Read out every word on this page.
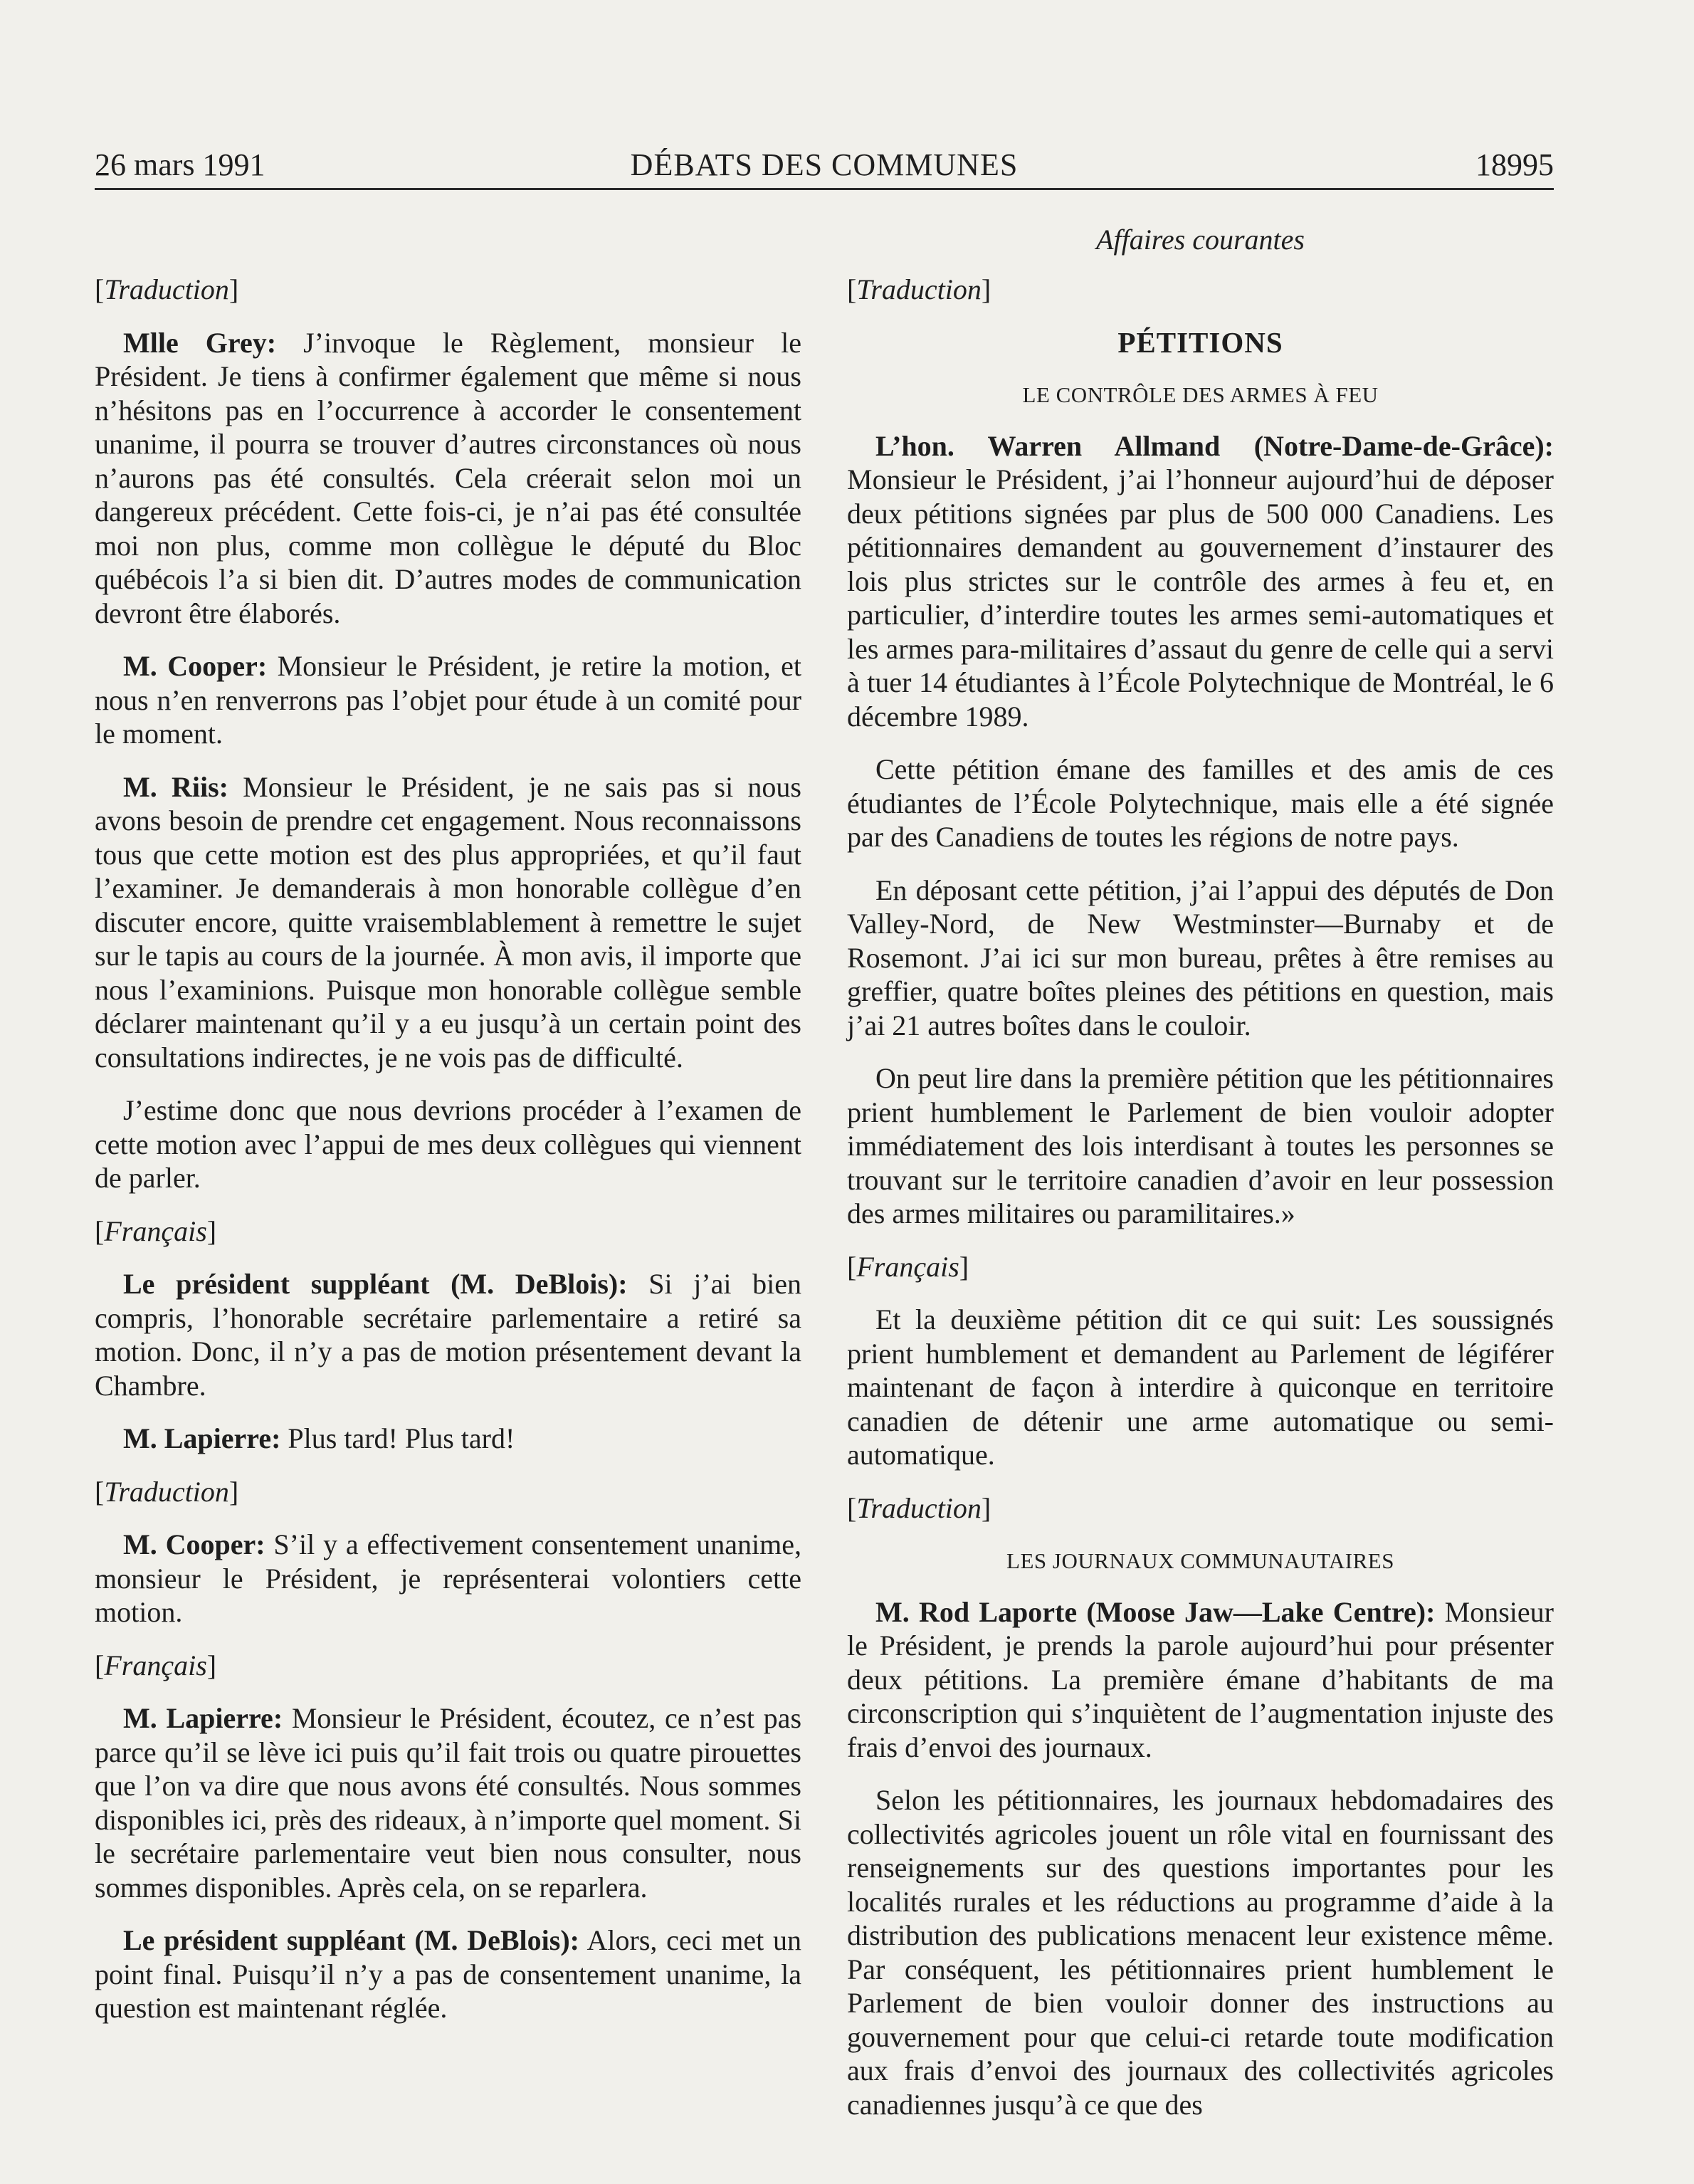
26 mars 1991	DÉBATS DES COMMUNES	18995
Affaires courantes

[Traduction]

Mlle Grey: J’invoque le Règlement, monsieur le Président. Je tiens à confirmer également que même si nous n’hésitons pas en l’occurrence à accorder le consentement unanime, il pourra se trouver d’autres circonstances où nous n’aurons pas été consultés. Cela créerait selon moi un dangereux précédent. Cette fois-ci, je n’ai pas été consultée moi non plus, comme mon collègue le député du Bloc québécois l’a si bien dit. D’autres modes de communication devront être élaborés.

M. Cooper: Monsieur le Président, je retire la motion, et nous n’en renverrons pas l’objet pour étude à un comité pour le moment.

M. Riis: Monsieur le Président, je ne sais pas si nous avons besoin de prendre cet engagement. Nous reconnaissons tous que cette motion est des plus appropriées, et qu’il faut l’examiner. Je demanderais à mon honorable collègue d’en discuter encore, quitte vraisemblablement à remettre le sujet sur le tapis au cours de la journée. À mon avis, il importe que nous l’examinions. Puisque mon honorable collègue semble déclarer maintenant qu’il y a eu jusqu’à un certain point des consultations indirectes, je ne vois pas de difficulté.

J’estime donc que nous devrions procéder à l’examen de cette motion avec l’appui de mes deux collègues qui viennent de parler.

[Français]

Le président suppléant (M. DeBlois): Si j’ai bien compris, l’honorable secrétaire parlementaire a retiré sa motion. Donc, il n’y a pas de motion présentement devant la Chambre.

M. Lapierre: Plus tard! Plus tard!

[Traduction]

M. Cooper: S’il y a effectivement consentement unanime, monsieur le Président, je représenterai volontiers cette motion.

[Français]

M. Lapierre: Monsieur le Président, écoutez, ce n’est pas parce qu’il se lève ici puis qu’il fait trois ou quatre pirouettes que l’on va dire que nous avons été consultés. Nous sommes disponibles ici, près des rideaux, à n’importe quel moment. Si le secrétaire parlementaire veut bien nous consulter, nous sommes disponibles. Après cela, on se reparlera.

Le président suppléant (M. DeBlois): Alors, ceci met un point final. Puisqu’il n’y a pas de consentement unanime, la question est maintenant réglée.

[Traduction]

PÉTITIONS
LE CONTRÔLE DES ARMES À FEU

L’hon. Warren Allmand (Notre-Dame-de-Grâce): Monsieur le Président, j’ai l’honneur aujourd’hui de déposer deux pétitions signées par plus de 500 000 Canadiens. Les pétitionnaires demandent au gouvernement d’instaurer des lois plus strictes sur le contrôle des armes à feu et, en particulier, d’interdire toutes les armes semi-automatiques et les armes para-militaires d’assaut du genre de celle qui a servi à tuer 14 étudiantes à l’École Polytechnique de Montréal, le 6 décembre 1989.

Cette pétition émane des familles et des amis de ces étudiantes de l’École Polytechnique, mais elle a été signée par des Canadiens de toutes les régions de notre pays.

En déposant cette pétition, j’ai l’appui des députés de Don Valley-Nord, de New Westminster—Burnaby et de Rosemont. J’ai ici sur mon bureau, prêtes à être remises au greffier, quatre boîtes pleines des pétitions en question, mais j’ai 21 autres boîtes dans le couloir.

On peut lire dans la première pétition que les pétitionnaires prient humblement le Parlement de bien vouloir adopter immédiatement des lois interdisant à toutes les personnes se trouvant sur le territoire canadien d’avoir en leur possession des armes militaires ou paramilitaires.»

[Français]

Et la deuxième pétition dit ce qui suit: Les soussignés prient humblement et demandent au Parlement de légiférer maintenant de façon à interdire à quiconque en territoire canadien de détenir une arme automatique ou semi-automatique.

[Traduction]

LES JOURNAUX COMMUNAUTAIRES

M. Rod Laporte (Moose Jaw—Lake Centre): Monsieur le Président, je prends la parole aujourd’hui pour présenter deux pétitions. La première émane d’habitants de ma circonscription qui s’inquiètent de l’augmentation injuste des frais d’envoi des journaux.

Selon les pétitionnaires, les journaux hebdomadaires des collectivités agricoles jouent un rôle vital en fournissant des renseignements sur des questions importantes pour les localités rurales et les réductions au programme d’aide à la distribution des publications menacent leur existence même. Par conséquent, les pétitionnaires prient humblement le Parlement de bien vouloir donner des instructions au gouvernement pour que celui-ci retarde toute modification aux frais d’envoi des journaux des collectivités agricoles canadiennes jusqu’à ce que des
